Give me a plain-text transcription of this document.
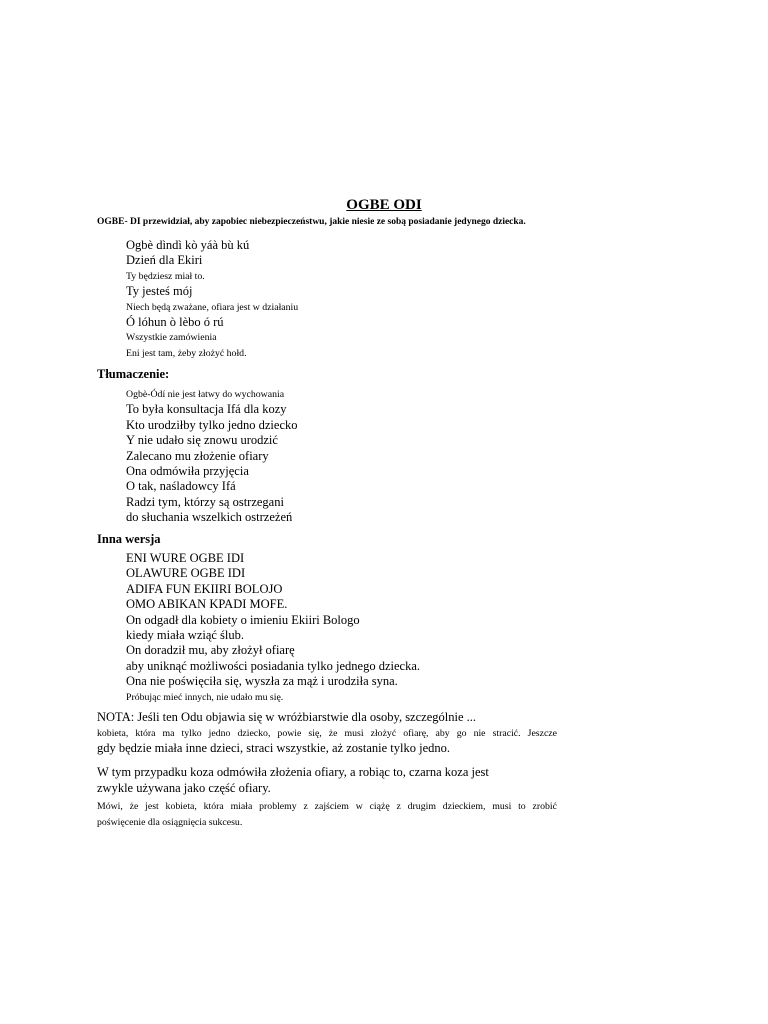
OGBE ODI
OGBE- DI przewidział, aby zapobiec niebezpieczeństwu, jakie niesie ze sobą posiadanie jedynego dziecka.
Ogbè dìndì kò yáà bù kú
Dzień dla Ekiri
Ty będziesz miał to.
Ty jesteś mój
Niech będą zważane, ofiara jest w działaniu
Ó lóhun ò lèbo ó rú
Wszystkie zamówienia
Eni jest tam, żeby złożyć hołd.
Tłumaczenie:
Ogbè-Ódí nie jest łatwy do wychowania
To była konsultacja Ifá dla kozy
Kto urodziłby tylko jedno dziecko
Y nie udało się znowu urodzić
Zalecano mu złożenie ofiary
Ona odmówiła przyjęcia
O tak, naśladowcy Ifá
Radzi tym, którzy są ostrzegani
do słuchania wszelkich ostrzeżeń
Inna wersja
ENI WURE OGBE IDI
OLAWURE OGBE IDI
ADIFA FUN EKIIRI BOLOJO
OMO ABIKAN KPADI MOFE.
On odgadł dla kobiety o imieniu Ekiiri Bologo
kiedy miała wziąć ślub.
On doradził mu, aby złożył ofiarę
aby uniknąć możliwości posiadania tylko jednego dziecka.
Ona nie poświęciła się, wyszła za mąż i urodziła syna.
Próbując mieć innych, nie udało mu się.
NOTA: Jeśli ten Odu objawia się w wróżbiarstwie dla osoby, szczególnie ...
kobieta, która ma tylko jedno dziecko, powie się, że musi złożyć ofiarę, aby go nie stracić. Jeszcze
gdy będzie miała inne dzieci, straci wszystkie, aż zostanie tylko jedno.
W tym przypadku koza odmówiła złożenia ofiary, a robiąc to, czarna koza jest
zwykle używana jako część ofiary.
Mówi, że jest kobieta, która miała problemy z zajściem w ciążę z drugim dzieckiem, musi to zrobić
poświęcenie dla osiągnięcia sukcesu.
